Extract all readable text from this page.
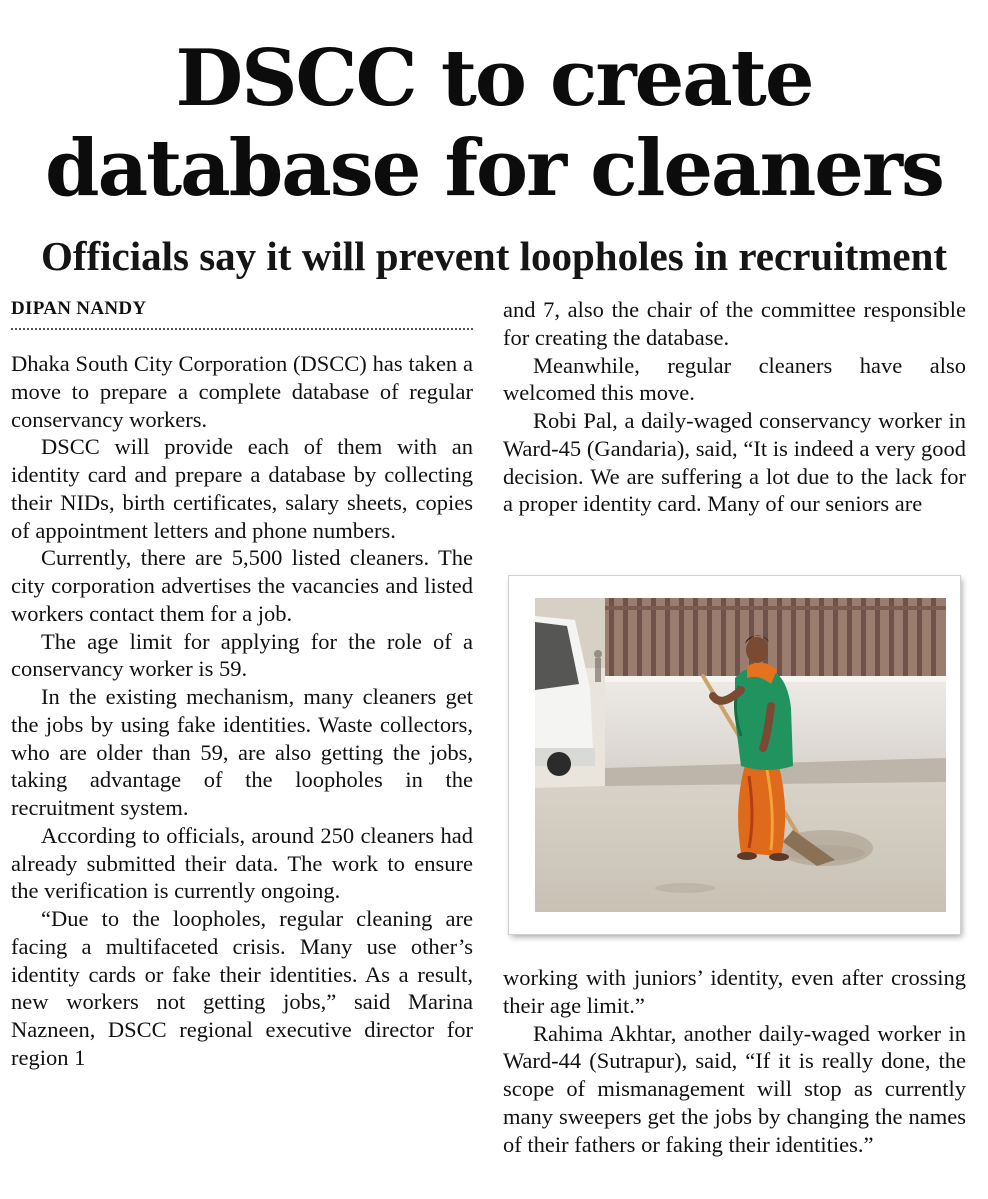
DSCC to create
database for cleaners
Officials say it will prevent loopholes in recruitment
DIPAN NANDY

Dhaka South City Corporation (DSCC) has taken a move to prepare a complete database of regular conservancy workers.

DSCC will provide each of them with an identity card and prepare a database by collecting their NIDs, birth certificates, salary sheets, copies of appointment letters and phone numbers.

Currently, there are 5,500 listed cleaners. The city corporation advertises the vacancies and listed workers contact them for a job.

The age limit for applying for the role of a conservancy worker is 59.

In the existing mechanism, many cleaners get the jobs by using fake identities. Waste collectors, who are older than 59, are also getting the jobs, taking advantage of the loopholes in the recruitment system.

According to officials, around 250 cleaners had already submitted their data. The work to ensure the verification is currently ongoing.

“Due to the loopholes, regular cleaning are facing a multifaceted crisis. Many use other’s identity cards or fake their identities. As a result, new workers not getting jobs,” said Marina Nazneen, DSCC regional executive director for region 1

and 7, also the chair of the committee responsible for creating the database.

Meanwhile, regular cleaners have also welcomed this move.

Robi Pal, a daily-waged conservancy worker in Ward-45 (Gandaria), said, “It is indeed a very good decision. We are suffering a lot due to the lack for a proper identity card. Many of our seniors are

working with juniors’ identity, even after crossing their age limit.”

Rahima Akhtar, another daily-waged worker in Ward-44 (Sutrapur), said, “If it is really done, the scope of mismanagement will stop as currently many sweepers get the jobs by changing the names of their fathers or faking their identities.”
